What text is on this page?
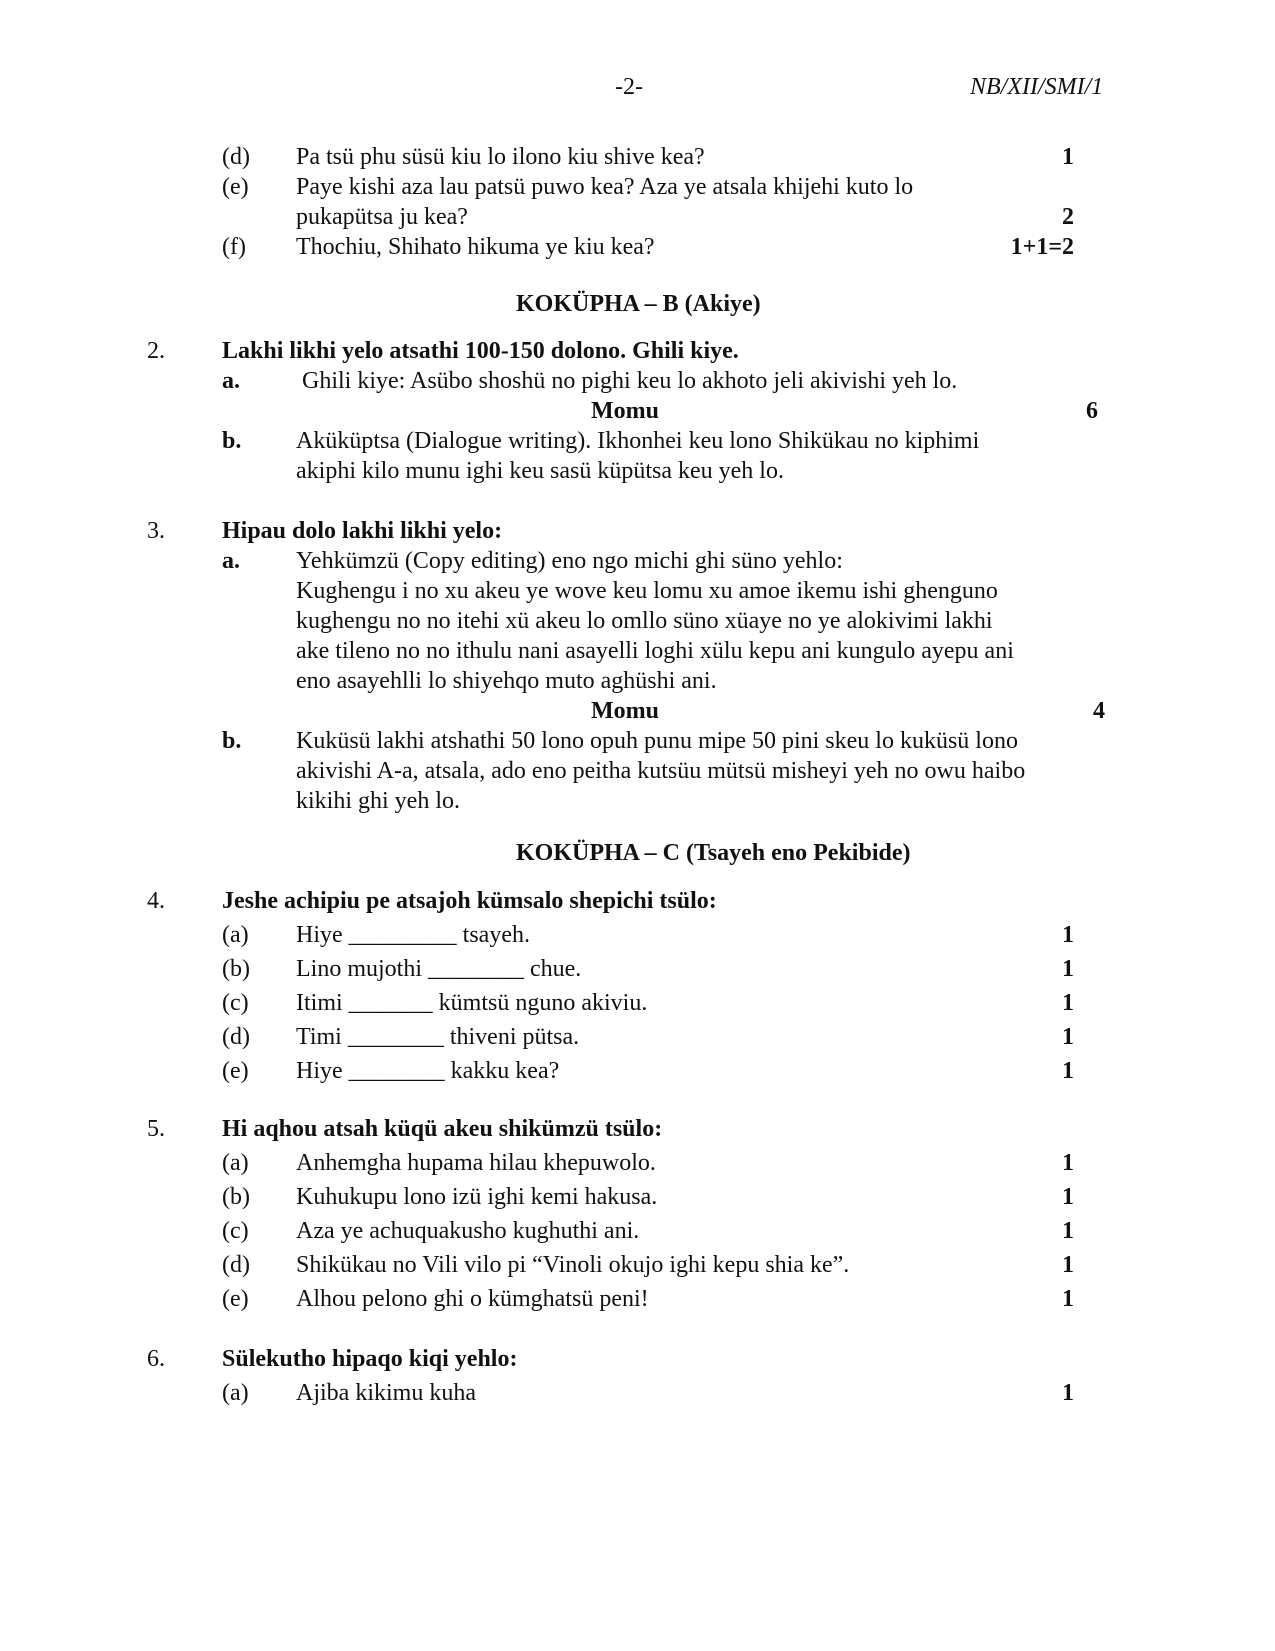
-2-	NB/XII/SMI/1
(d) Pa tsü phu süsü kiu lo ilono kiu shive kea?	1
(e) Paye kishi aza lau patsü puwo kea? Aza ye atsala khijehi kuto lo
pukapütsa ju kea?	2
(f) Thochiu, Shihato hikuma ye kiu kea?	1+1=2
KOKÜPHA – B (Akiye)
2. Lakhi likhi yelo atsathi 100-150 dolono. Ghili kiye.
a.	Ghili kiye: Asübo shoshü no pighi keu lo akhoto jeli akivishi yeh lo.
Momu	6
b. Aküküptsa (Dialogue writing). Ikhonhei keu lono Shikükau no kiphimi
akiphi kilo munu ighi keu sasü küpütsa keu yeh lo.
3. Hipau dolo lakhi likhi yelo:
a. Yehkümzü (Copy editing) eno ngo michi ghi süno yehlo:
Kughengu i no xu akeu ye wove keu lomu xu amoe ikemu ishi ghenguno
kughengu no no itehi xü akeu lo omllo süno xüaye no ye alokivimi lakhi
ake tileno no no ithulu nani asayelli loghi xülu kepu ani kungulo ayepu ani
eno asayehlli lo shiyehqo muto aghüshi ani.
Momu	4
b. Kuküsü lakhi atshathi 50 lono opuh punu mipe 50 pini skeu lo kuküsü lono
akivishi A-a, atsala, ado eno peitha kutsüu mütsü misheyi yeh no owu haibo
kikihi ghi yeh lo.
KOKÜPHA – C (Tsayeh eno Pekibide)
4. Jeshe achipiu pe atsajoh kümsalo shepichi tsülo:
(a) Hiye _________ tsayeh.	1
(b) Lino mujothi ________ chue.	1
(c) Itimi _______ kümtsü nguno akiviu.	1
(d) Timi ________ thiveni pütsa.	1
(e) Hiye ________ kakku kea?	1
5. Hi aqhou atsah küqü akeu shikümzü tsülo:
(a) Anhemgha hupama hilau khepuwolo.	1
(b) Kuhukupu lono izü ighi kemi hakusa.	1
(c) Aza ye achuquakusho kughuthi ani.	1
(d) Shikükau no Vili vilo pi “Vinoli okujo ighi kepu shia ke”.	1
(e) Alhou pelono ghi o kümghatsü peni!	1
6. Sülekutho hipaqo kiqi yehlo:
(a) Ajiba kikimu kuha	1
